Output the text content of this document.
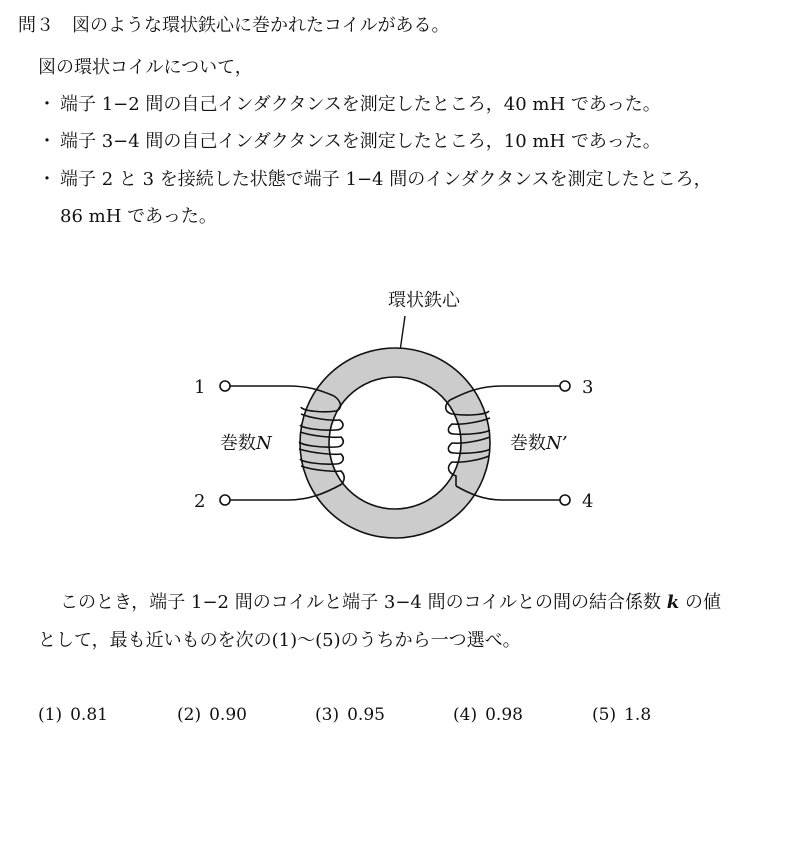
問３　図のような環状鉄心に巻かれたコイルがある。
図の環状コイルについて，
・ 端子 1−2 間の自己インダクタンスを測定したところ，40 mH であった。
・ 端子 3−4 間の自己インダクタンスを測定したところ，10 mH であった。
・ 端子 2 と 3 を接続した状態で端子 1−4 間のインダクタンスを測定したところ，
86 mH であった。
環状鉄心
1
2
3
4
巻数N	巻数N’
このとき，端子 1−2 間のコイルと端子 3−4 間のコイルとの間の結合係数 k の値
として，最も近いものを次の(1)～(5)のうちから一つ選べ。
(1) 0.81	(2) 0.90	(3) 0.95	(4) 0.98	(5) 1.8
